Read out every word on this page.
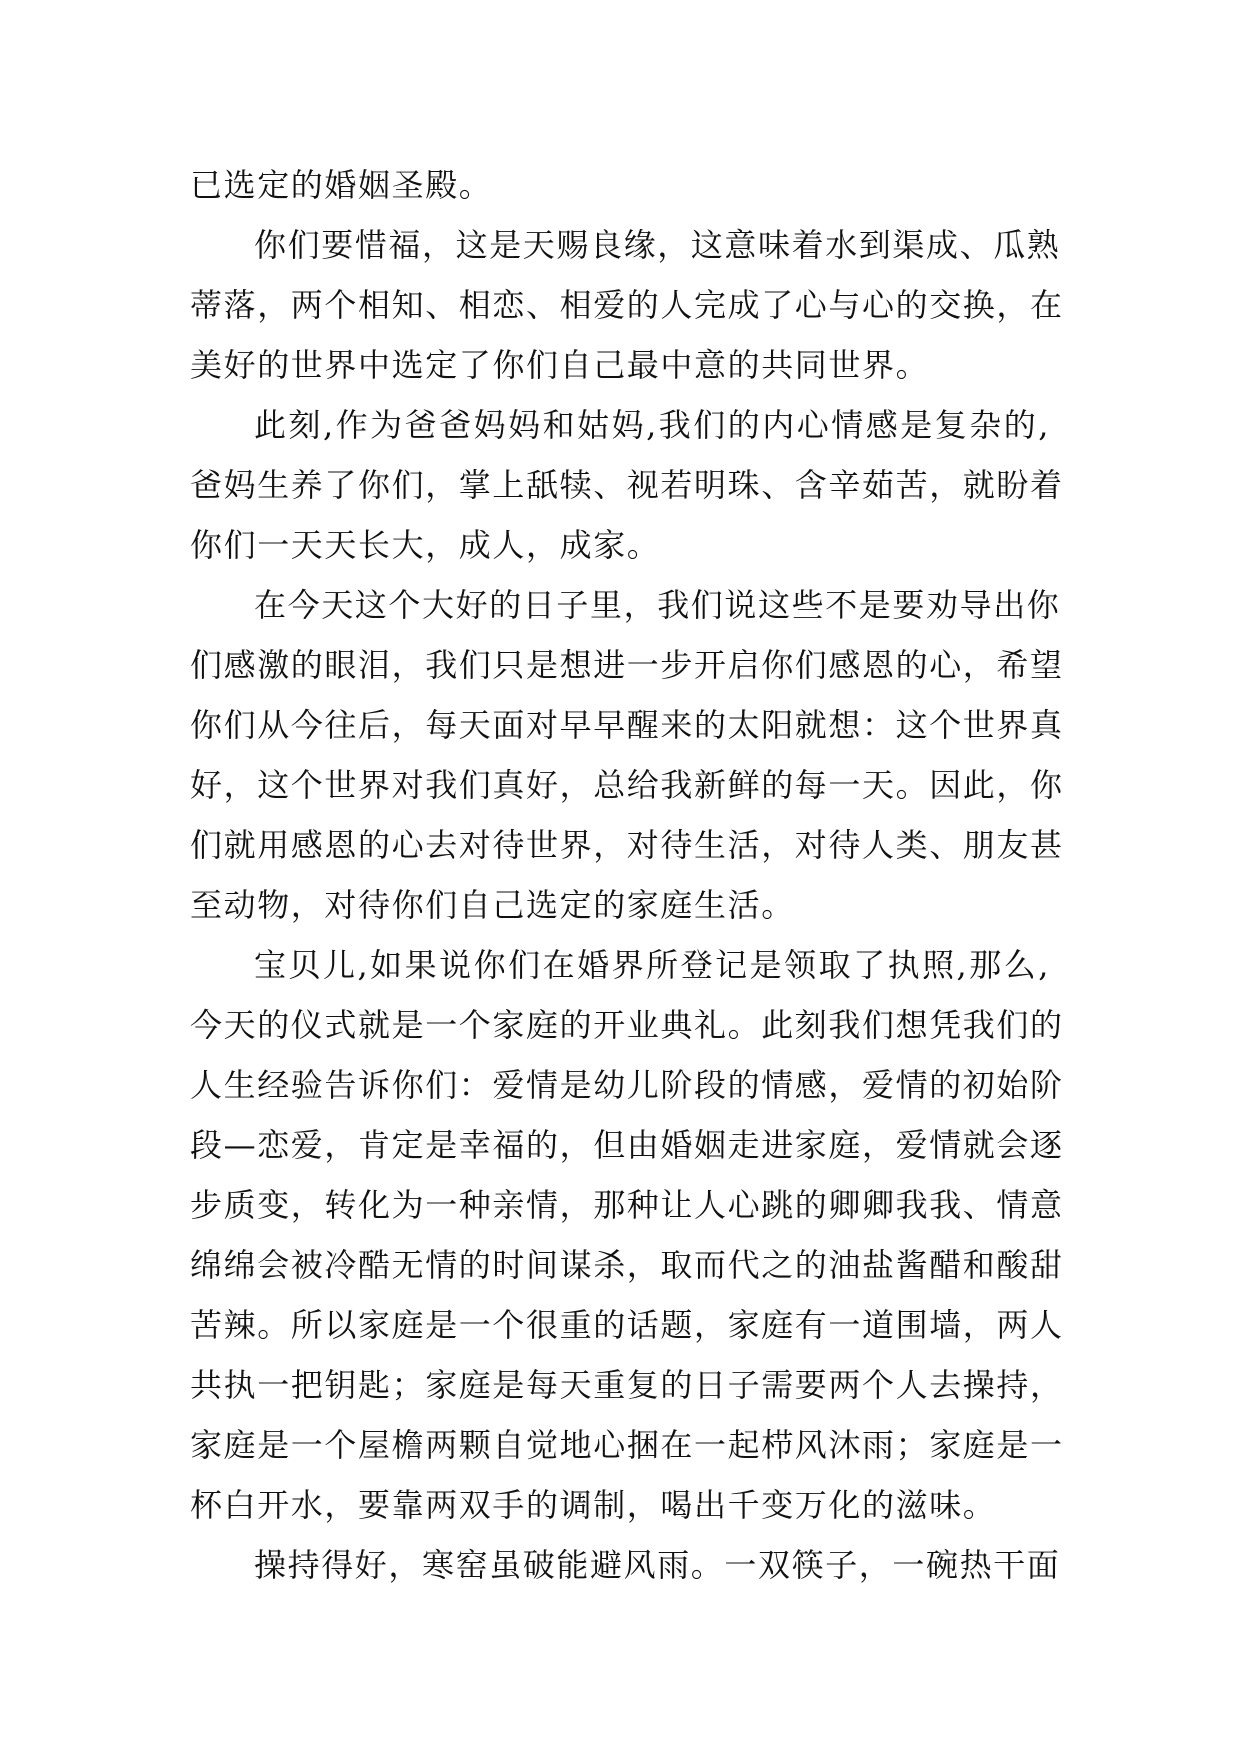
已选定的婚姻圣殿。
你们要惜福，这是天赐良缘，这意味着水到渠成、瓜熟
蒂落，两个相知、相恋、相爱的人完成了心与心的交换，在
美好的世界中选定了你们自己最中意的共同世界。
此刻,作为爸爸妈妈和姑妈,我们的内心情感是复杂的,
爸妈生养了你们，掌上舐犊、视若明珠、含辛茹苦，就盼着
你们一天天长大，成人，成家。
在今天这个大好的日子里，我们说这些不是要劝导出你
们感激的眼泪，我们只是想进一步开启你们感恩的心，希望
你们从今往后，每天面对早早醒来的太阳就想：这个世界真
好，这个世界对我们真好，总给我新鲜的每一天。因此，你
们就用感恩的心去对待世界，对待生活，对待人类、朋友甚
至动物，对待你们自己选定的家庭生活。
宝贝儿,如果说你们在婚界所登记是领取了执照,那么,
今天的仪式就是一个家庭的开业典礼。此刻我们想凭我们的
人生经验告诉你们：爱情是幼儿阶段的情感，爱情的初始阶
段—恋爱，肯定是幸福的，但由婚姻走进家庭，爱情就会逐
步质变，转化为一种亲情，那种让人心跳的卿卿我我、情意
绵绵会被冷酷无情的时间谋杀，取而代之的油盐酱醋和酸甜
苦辣。所以家庭是一个很重的话题，家庭有一道围墙，两人
共执一把钥匙；家庭是每天重复的日子需要两个人去操持，
家庭是一个屋檐两颗自觉地心捆在一起栉风沐雨；家庭是一
杯白开水，要靠两双手的调制，喝出千变万化的滋味。
操持得好，寒窑虽破能避风雨。一双筷子，一碗热干面
